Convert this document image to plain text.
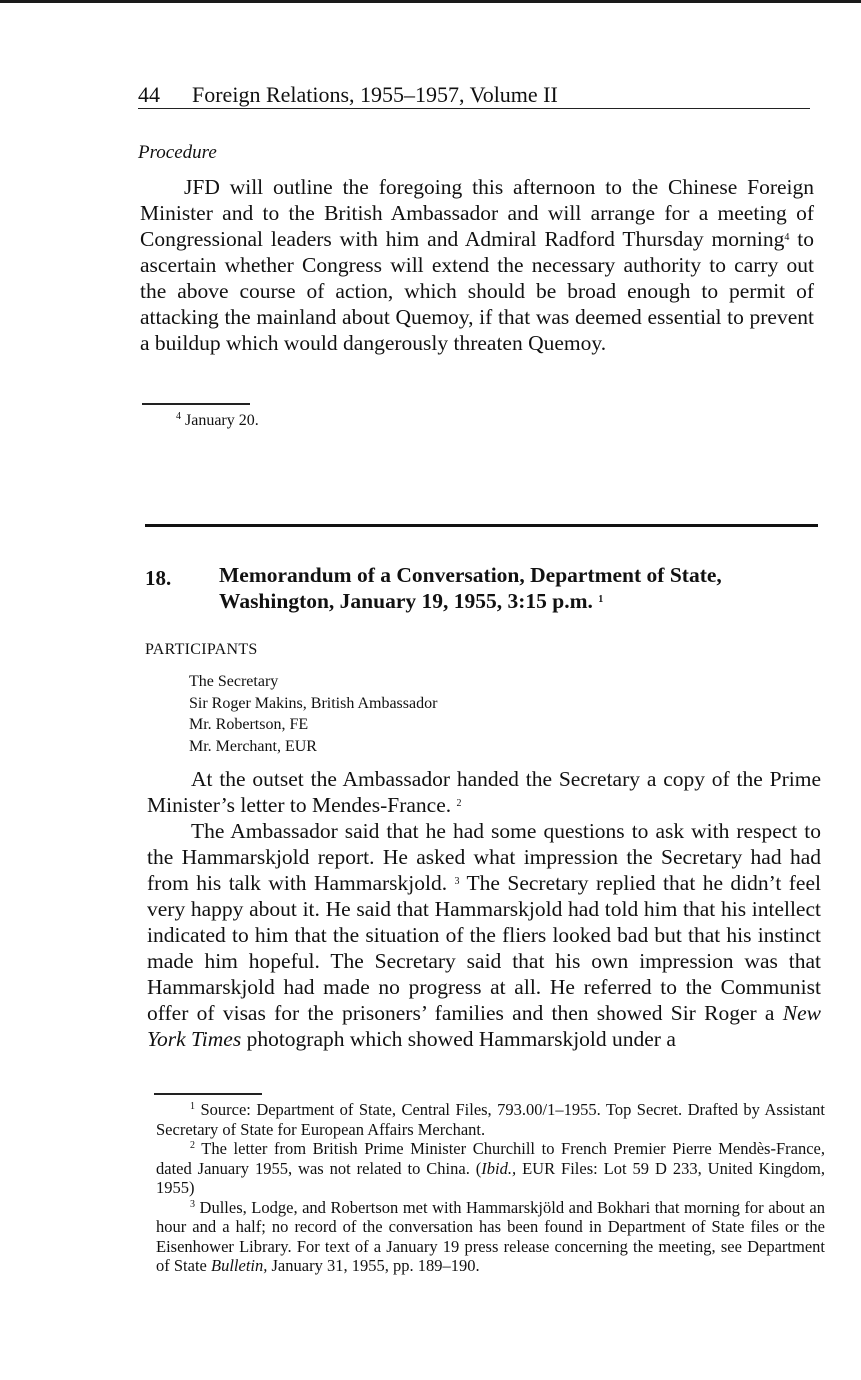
44 Foreign Relations, 1955–1957, Volume II
Procedure

JFD will outline the foregoing this afternoon to the Chinese Foreign Minister and to the British Ambassador and will arrange for a meeting of Congressional leaders with him and Admiral Radford Thursday morning$^4$ to ascertain whether Congress will extend the necessary authority to carry out the above course of action, which should be broad enough to permit of attacking the mainland about Quemoy, if that was deemed essential to prevent a buildup which would dangerously threaten Quemoy.

$^4$ January 20.
18. Memorandum of a Conversation, Department of State,
Washington, January 19, 1955, 3:15 p.m. $^1$
PARTICIPANTS
The Secretary
Sir Roger Makins, British Ambassador
Mr. Robertson, FE
Mr. Merchant, EUR

At the outset the Ambassador handed the Secretary a copy of the Prime Minister’s letter to Mendes-France. $^2$

The Ambassador said that he had some questions to ask with respect to the Hammarskjold report. He asked what impression the Secretary had had from his talk with Hammarskjold. $^3$ The Secretary replied that he didn’t feel very happy about it. He said that Hammarskjold had told him that his intellect indicated to him that the situation of the fliers looked bad but that his instinct made him hopeful. The Secretary said that his own impression was that Hammarskjold had made no progress at all. He referred to the Communist offer of visas for the prisoners’ families and then showed Sir Roger a New York Times photograph which showed Hammarskjold under a

$^1$ Source: Department of State, Central Files, 793.00/1–1955. Top Secret. Drafted by Assistant Secretary of State for European Affairs Merchant.

$^2$ The letter from British Prime Minister Churchill to French Premier Pierre Mendès-France, dated January 1955, was not related to China. (Ibid., EUR Files: Lot 59 D 233, United Kingdom, 1955)

$^3$ Dulles, Lodge, and Robertson met with Hammarskjöld and Bokhari that morning for about an hour and a half; no record of the conversation has been found in Department of State files or the Eisenhower Library. For text of a January 19 press release concerning the meeting, see Department of State Bulletin, January 31, 1955, pp. 189–190.
